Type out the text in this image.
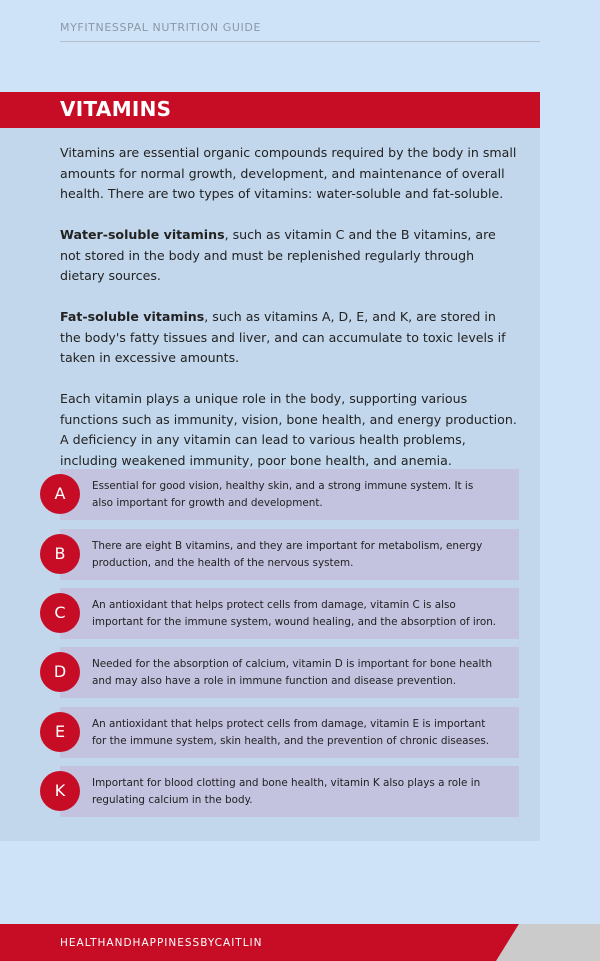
MYFITNESSPAL NUTRITION GUIDE
VITAMINS

Vitamins are essential organic compounds required by the body in small amounts for normal growth, development, and maintenance of overall health. There are two types of vitamins: water-soluble and fat-soluble.

Water-soluble vitamins, such as vitamin C and the B vitamins, are not stored in the body and must be replenished regularly through dietary sources.

Fat-soluble vitamins, such as vitamins A, D, E, and K, are stored in the body's fatty tissues and liver, and can accumulate to toxic levels if taken in excessive amounts.

Each vitamin plays a unique role in the body, supporting various functions such as immunity, vision, bone health, and energy production. A deficiency in any vitamin can lead to various health problems, including weakened immunity, poor bone health, and anemia.

A	Essential for good vision, healthy skin, and a strong immune system. It is also important for growth and development.
B	There are eight B vitamins, and they are important for metabolism, energy production, and the health of the nervous system.
C	An antioxidant that helps protect cells from damage, vitamin C is also important for the immune system, wound healing, and the absorption of iron.
D	Needed for the absorption of calcium, vitamin D is important for bone health and may also have a role in immune function and disease prevention.
E	An antioxidant that helps protect cells from damage, vitamin E is important for the immune system, skin health, and the prevention of chronic diseases.
K	Important for blood clotting and bone health, vitamin K also plays a role in regulating calcium in the body.
HEALTHANDHAPPINESSBYCAITLIN
